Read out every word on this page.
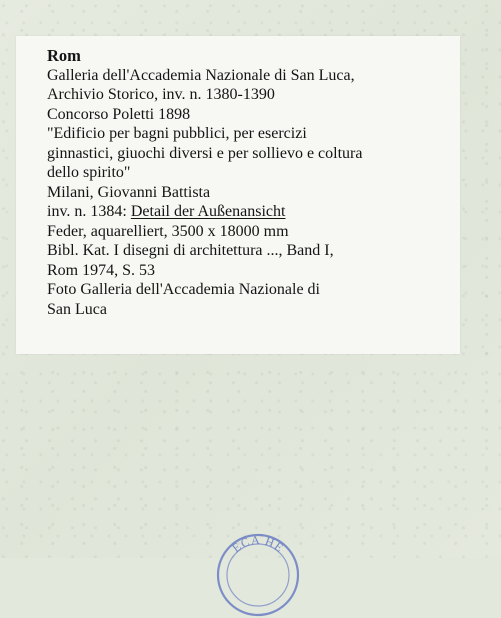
Rom
Galleria dell'Accademia Nazionale di San Luca,
Archivio Storico, inv. n. 1380-1390
Concorso Poletti 1898
"Edificio per bagni pubblici, per esercizi
ginnastici, giuochi diversi e per sollievo e coltura
dello spirito"
Milani, Giovanni Battista
inv. n. 1384: Detail der Außenansicht
Feder, aquarelliert, 3500 x 18000 mm
Bibl. Kat. I disegni di architettura ..., Band I,
Rom 1974, S. 53
Foto Galleria dell'Accademia Nazionale di
San Luca
ECA HE
